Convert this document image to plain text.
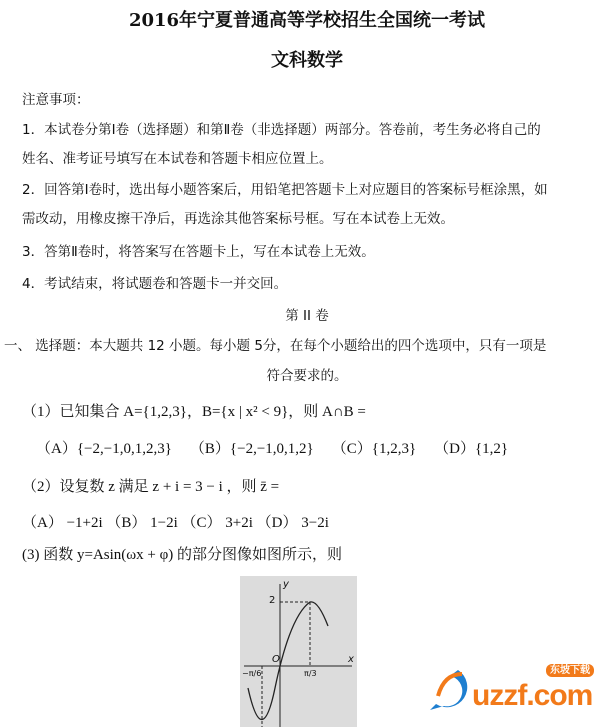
2016年宁夏普通高等学校招生全国统一考试
文科数学
注意事项：
1．本试卷分第Ⅰ卷（选择题）和第Ⅱ卷（非选择题）两部分。答卷前，考生务必将自己的
姓名、准考证号填写在本试卷和答题卡相应位置上。
2．回答第Ⅰ卷时，选出每小题答案后，用铅笔把答题卡上对应题目的答案标号框涂黑，如
需改动，用橡皮擦干净后，再选涂其他答案标号框。写在本试卷上无效。
3．答第Ⅱ卷时，将答案写在答题卡上，写在本试卷上无效。
4．考试结束，将试题卷和答题卡一并交回。
第 II 卷
一、 选择题：本大题共 12 小题。每小题 5分，在每个小题给出的四个选项中，只有一项是
符合要求的。
（1）已知集合 A={1,2,3}，B={x | x² < 9}，则 A∩B =
（A）{−2,−1,0,1,2,3} （B）{−2,−1,0,1,2} （C）{1,2,3} （D）{1,2}
（2）设复数 z 满足 z + i = 3 − i ，则 z̄ =
（A） −1+2i （B） 1−2i （C） 3+2i （D） 3−2i
(3) 函数 y=Asin(ωx + φ) 的部分图像如图所示，则
y
x
O
2
−π/6	π/3
uzzf.com
东坡下载
